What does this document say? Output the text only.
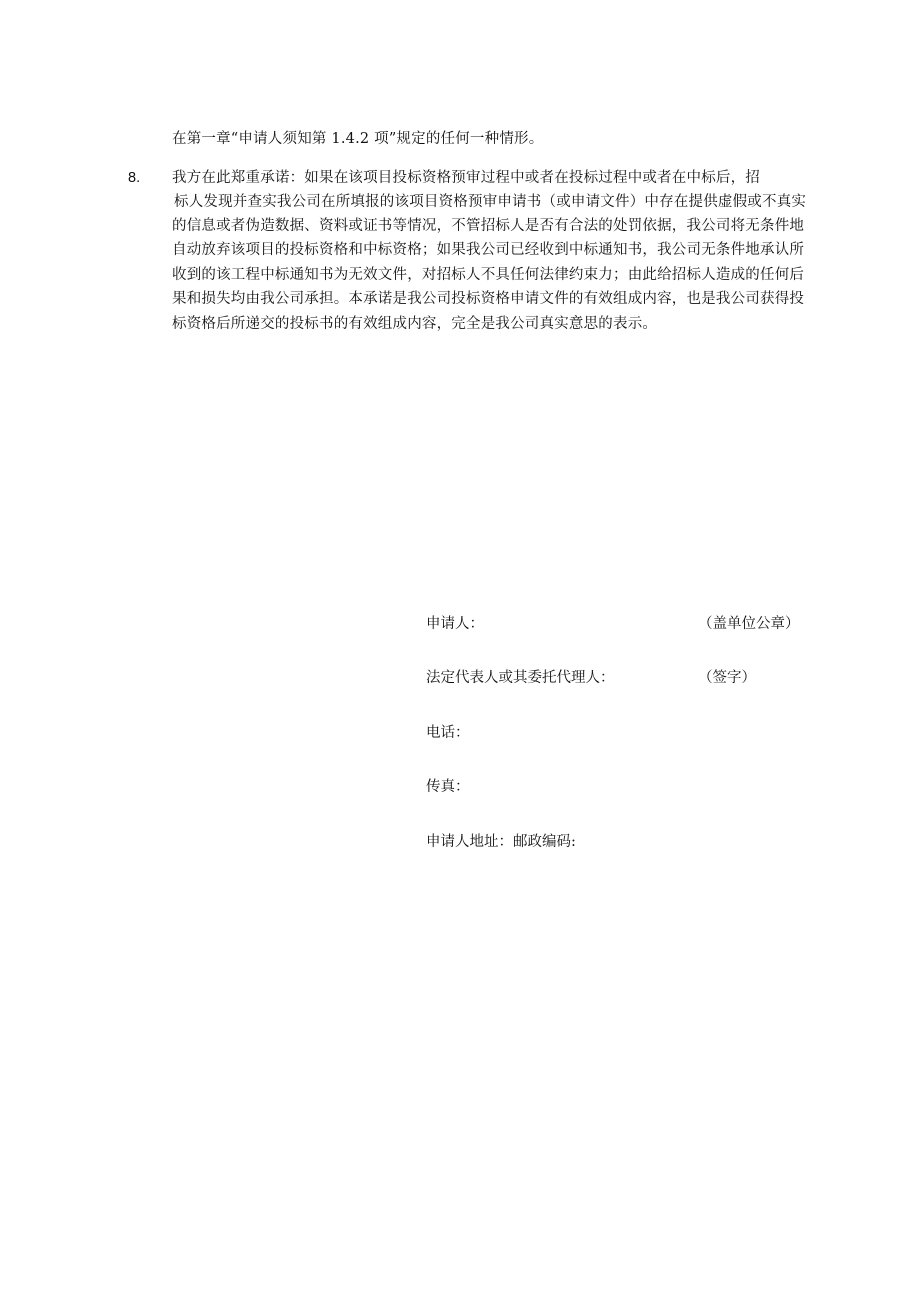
在第一章“申请人须知第 1.4.2 项”规定的任何一种情形。
8. 我方在此郑重承诺：如果在该项目投标资格预审过程中或者在投标过程中或者在中标后，招
标人发现并查实我公司在所填报的该项目资格预审申请书（或申请文件）中存在提供虚假或不真实
的信息或者伪造数据、资料或证书等情况，不管招标人是否有合法的处罚依据，我公司将无条件地
自动放弃该项目的投标资格和中标资格；如果我公司已经收到中标通知书，我公司无条件地承认所
收到的该工程中标通知书为无效文件，对招标人不具任何法律约束力；由此给招标人造成的任何后
果和损失均由我公司承担。本承诺是我公司投标资格申请文件的有效组成内容，也是我公司获得投
标资格后所递交的投标书的有效组成内容，完全是我公司真实意思的表示。
申请人：	（盖单位公章）
法定代表人或其委托代理人：	（签字）
电话：
传真：
申请人地址：邮政编码:
